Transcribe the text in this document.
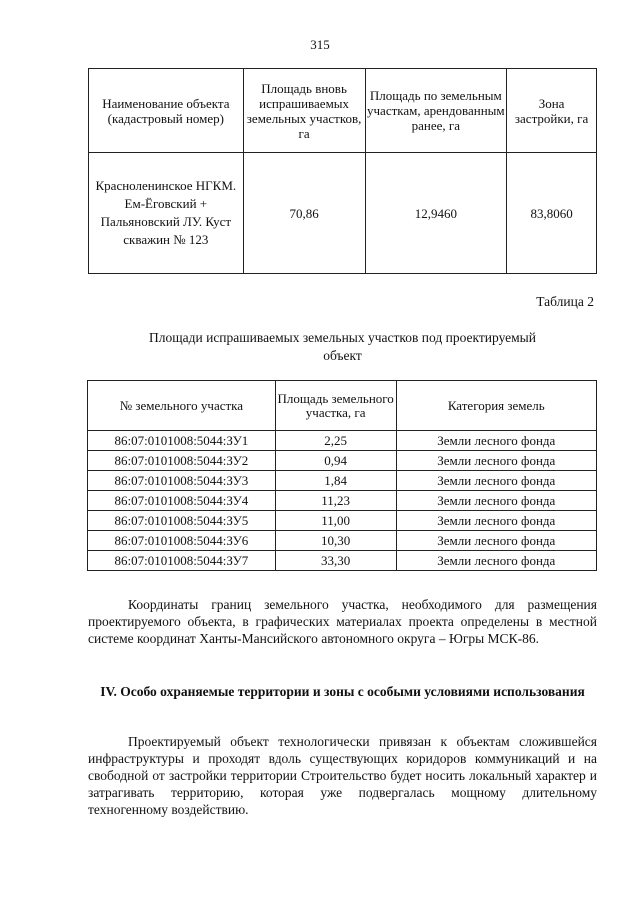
315
Наименование объекта (кадастровый номер)	Площадь вновь испрашиваемых земельных участков, га	Площадь по земельным участкам, арендованным ранее, га	Зона застройки, га
Красноленинское НГКМ. Ем-Ёговский + Пальяновский ЛУ. Куст скважин № 123	70,86	12,9460	83,8060
Таблица 2
Площади испрашиваемых земельных участков под проектируемый объект
№ земельного участка	Площадь земельного участка, га	Категория земель
86:07:0101008:5044:ЗУ1	2,25	Земли лесного фонда
86:07:0101008:5044:ЗУ2	0,94	Земли лесного фонда
86:07:0101008:5044:ЗУ3	1,84	Земли лесного фонда
86:07:0101008:5044:ЗУ4	11,23	Земли лесного фонда
86:07:0101008:5044:ЗУ5	11,00	Земли лесного фонда
86:07:0101008:5044:ЗУ6	10,30	Земли лесного фонда
86:07:0101008:5044:ЗУ7	33,30	Земли лесного фонда

Координаты границ земельного участка, необходимого для размещения проектируемого объекта, в графических материалах проекта определены в местной системе координат Ханты-Мансийского автономного округа – Югры МСК-86.

IV. Особо охраняемые территории и зоны с особыми условиями использования

Проектируемый объект технологически привязан к объектам сложившейся инфраструктуры и проходят вдоль существующих коридоров коммуникаций и на свободной от застройки территории Строительство будет носить локальный характер и затрагивать территорию, которая уже подвергалась мощному длительному техногенному воздействию.
